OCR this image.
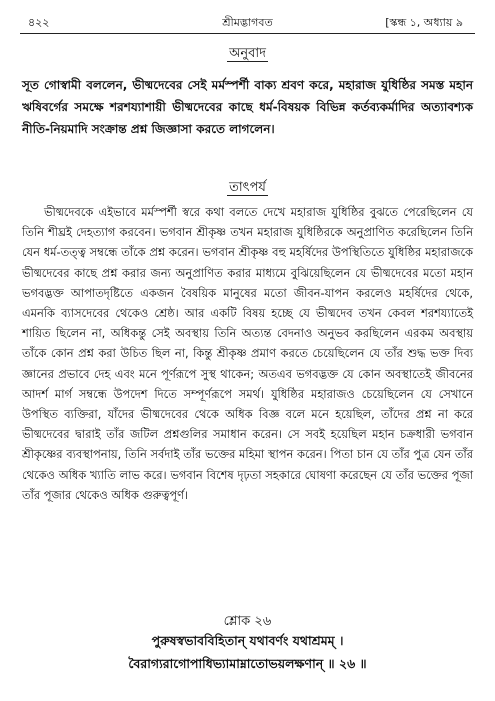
৪২২	শ্রীমদ্ভাগবত	[স্কন্ধ ১, অধ্যায় ৯
অনুবাদ
সূত গোস্বামী বললেন, ভীষ্মদেবের সেই মর্মস্পর্শী বাক্য শ্রবণ করে, মহারাজ যুধিষ্ঠির সমস্ত মহান ঋষিবর্গের সমক্ষে শরশয্যাশায়ী ভীষ্মদেবের কাছে ধর্ম-বিষয়ক বিভিন্ন কর্তব্যকর্মাদির অত্যাবশ্যক নীতি-নিয়মাদি সংক্রান্ত প্রশ্ন জিজ্ঞাসা করতে লাগলেন।
তাৎপর্য

ভীষ্মদেবকে এইভাবে মর্মস্পর্শী স্বরে কথা বলতে দেখে মহারাজ যুধিষ্ঠির বুঝতে পেরেছিলেন যে তিনি শীঘ্রই দেহত্যাগ করবেন। ভগবান শ্রীকৃষ্ণ তখন মহারাজ যুধিষ্ঠিরকে অনুপ্রাণিত করেছিলেন তিনি যেন ধর্ম-তত্ত্ব সম্বন্ধে তাঁকে প্রশ্ন করেন। ভগবান শ্রীকৃষ্ণ বহু মহর্ষিদের উপস্থিতিতে যুধিষ্ঠির মহারাজকে ভীষ্মদেবের কাছে প্রশ্ন করার জন্য অনুপ্রাণিত করার মাধ্যমে বুঝিয়েছিলেন যে ভীষ্মদেবের মতো মহান ভগবদ্ভক্ত আপাতদৃষ্টিতে একজন বৈষয়িক মানুষের মতো জীবন-যাপন করলেও মহর্ষিদের থেকে, এমনকি ব্যাসদেবের থেকেও শ্রেষ্ঠ। আর একটি বিষয় হচ্ছে যে ভীষ্মদেব তখন কেবল শরশয্যাতেই শায়িত ছিলেন না, অধিকন্তু সেই অবস্থায় তিনি অত্যন্ত বেদনাও অনুভব করছিলেন এরকম অবস্থায় তাঁকে কোন প্রশ্ন করা উচিত ছিল না, কিন্তু শ্রীকৃষ্ণ প্রমাণ করতে চেয়েছিলেন যে তাঁর শুদ্ধ ভক্ত দিব্য জ্ঞানের প্রভাবে দেহ এবং মনে পূর্ণরূপে সুস্থ থাকেন; অতএব ভগবদ্ভক্ত যে কোন অবস্থাতেই জীবনের আদর্শ মার্গ সম্বন্ধে উপদেশ দিতে সম্পূর্ণরূপে সমর্থ। যুধিষ্ঠির মহারাজও চেয়েছিলেন যে সেখানে উপস্থিত ব্যক্তিরা, যাঁদের ভীষ্মদেবের থেকে অধিক বিজ্ঞ বলে মনে হয়েছিল, তাঁদের প্রশ্ন না করে ভীষ্মদেবের দ্বারাই তাঁর জটিল প্রশ্নগুলির সমাধান করেন। সে সবই হয়েছিল মহান চক্রধারী ভগবান শ্রীকৃষ্ণের ব্যবস্থাপনায়, তিনি সর্বদাই তাঁর ভক্তের মহিমা স্থাপন করেন। পিতা চান যে তাঁর পুত্র যেন তাঁর থেকেও অধিক খ্যাতি লাভ করে। ভগবান বিশেষ দৃঢ়তা সহকারে ঘোষণা করেছেন যে তাঁর ভক্তের পূজা তাঁর পূজার থেকেও অধিক গুরুত্বপূর্ণ।

শ্লোক ২৬
পুরুষস্বভাববিহিতান্ যথাবর্ণং যথাশ্রমম্ ।
বৈরাগ্যরাগোপাধিভ্যামাম্নাতোভয়লক্ষণান্ ॥ ২৬ ॥
